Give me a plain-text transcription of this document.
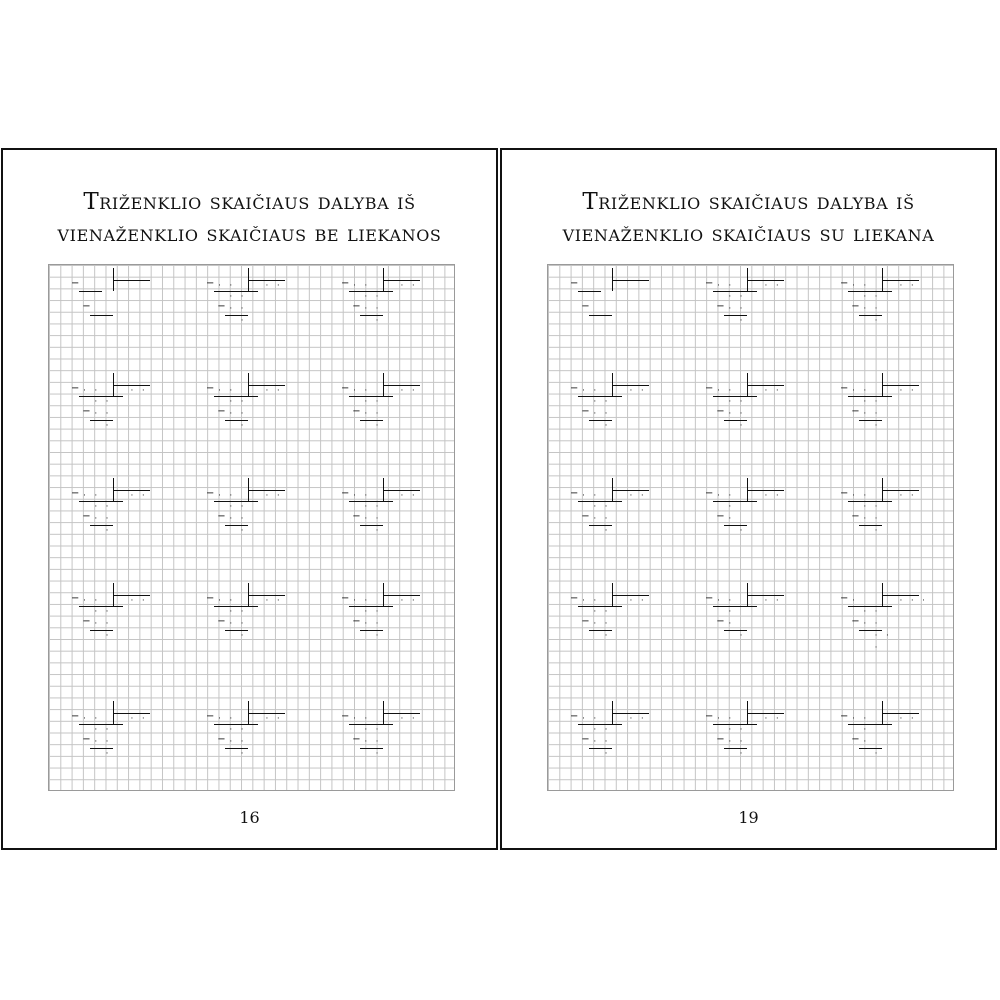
Triženklio skaičiaus dalyba iš
vienaženklio skaičiaus be liekanos
−
−
− · ·	· ·
· ·
− · ·
·
− · ·	· ·
· ·
− · ·
·
− · ·	· ·
· ·
− · ·
·
− · ·	· ·
· ·
− · ·
·
− · ·	· ·
· ·
− · ·
·
− · ·	· ·
· ·
− · ·
·
− · ·	· ·
· ·
− · ·
·
− · ·	· ·
· ·
− · ·
·
− · ·	· ·
· ·
− · ·
·
− · ·	· ·
· ·
− · ·
·
− · ·	· ·
· ·
− · ·
·
− · ·	· ·
· ·
− · ·
·
− · ·	· ·
· ·
− · ·
·
− · ·	· ·
· ·
− · ·
·
16
Triženklio skaičiaus dalyba iš
vienaženklio skaičiaus su liekana
−
−
− · ·	· ·
· ·
− · ·
·
− · ·	· ·
· ·
− · ·
·
− · ·	· ·
· ·
− · ·
·
− · ·	· ·
· ·
− · ·
·
− · ·	· ·
· ·
− · ·
·
− · ·	· ·
· ·
− · ·
·
− · ·	· ·
·
− ·
·
− · ·	· ·
· ·
− · ·
·
− · ·	· ·
· ·
− · ·
·
− · ·	· ·
·
− ·
·
− ·	· · ·
· ·
− · ·
· ·
·
− · ·	· ·
· ·
− · ·
·
− · ·	· ·
· ·
− · ·
·
− · ·	· ·
·
− ·
·
19
